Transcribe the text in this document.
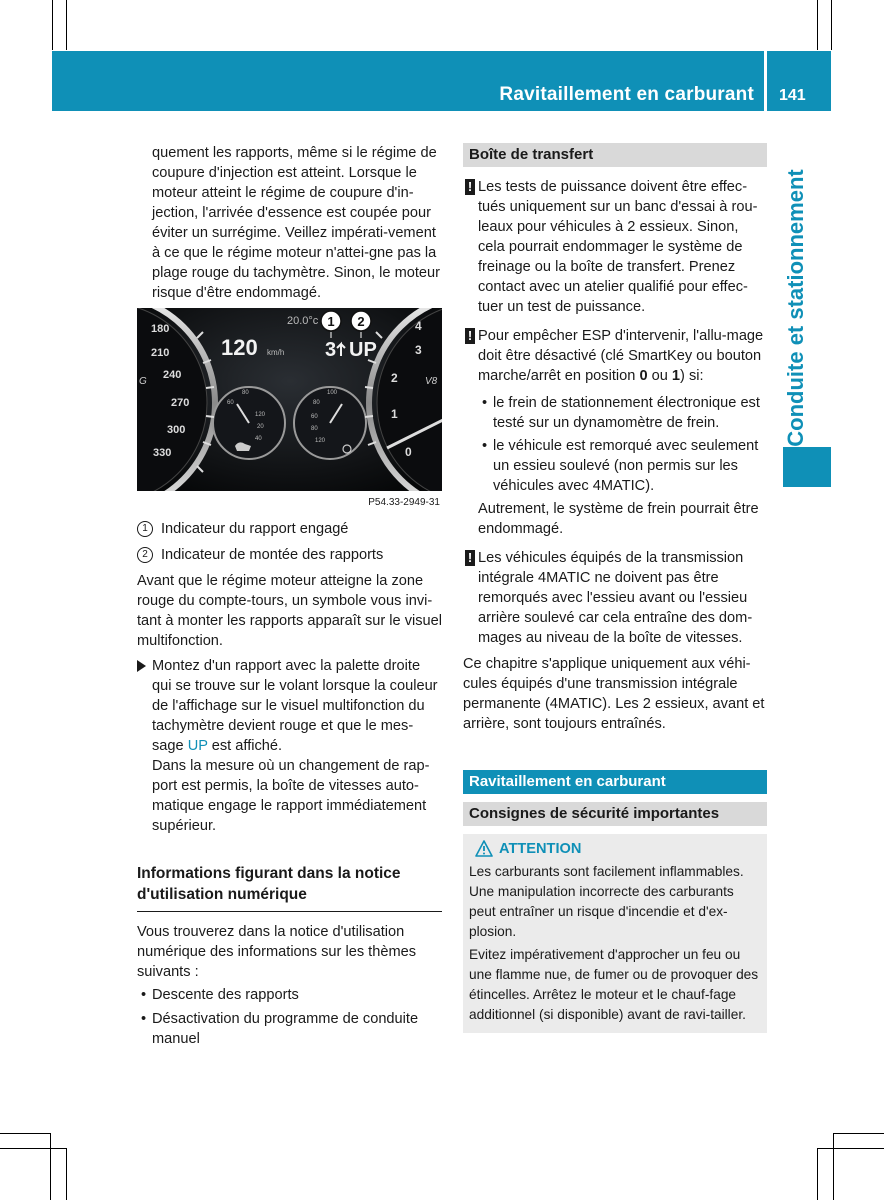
Ravitaillement en carburant 141
Conduite et stationnement

quement les rapports, même si le régime de coupure d'injection est atteint. Lorsque le moteur atteint le régime de coupure d'in-jection, l'arrivée d'essence est coupée pour éviter un surrégime. Veillez impérati-vement à ce que le régime moteur n'attei-gne pas la plage rouge du tachymètre. Sinon, le moteur risque d'être endommagé.

20.0°c
120 km/h 3 UP
1 2
180
210
240
270
300
330
G
4
3
2
1
0
V8
60
80
120
20
40
80
100
60
80
120
P54.33-2949-31

1 Indicateur du rapport engagé

2 Indicateur de montée des rapports

Avant que le régime moteur atteigne la zone rouge du compte-tours, un symbole vous invi-tant à monter les rapports apparaît sur le visuel multifonction.

Montez d'un rapport avec la palette droite qui se trouve sur le volant lorsque la couleur de l'affichage sur le visuel multifonction du tachymètre devient rouge et que le mes-sage UP est affiché.

Dans la mesure où un changement de rap-port est permis, la boîte de vitesses auto-matique engage le rapport immédiatement supérieur.

Informations figurant dans la notice d'utilisation numérique

Vous trouverez dans la notice d'utilisation numérique des informations sur les thèmes suivants :

• Descente des rapports

• Désactivation du programme de conduite manuel

Boîte de transfert

! Les tests de puissance doivent être effec-tués uniquement sur un banc d'essai à rou-leaux pour véhicules à 2 essieux. Sinon, cela pourrait endommager le système de freinage ou la boîte de transfert. Prenez contact avec un atelier qualifié pour effec-tuer un test de puissance.

! Pour empêcher ESP d'intervenir, l'allu-mage doit être désactivé (clé SmartKey ou bouton marche/arrêt en position 0 ou 1) si:

• le frein de stationnement électronique est testé sur un dynamomètre de frein.

• le véhicule est remorqué avec seulement un essieu soulevé (non permis sur les véhicules avec 4MATIC).

Autrement, le système de frein pourrait être endommagé.

! Les véhicules équipés de la transmission intégrale 4MATIC ne doivent pas être remorqués avec l'essieu avant ou l'essieu arrière soulevé car cela entraîne des dom-mages au niveau de la boîte de vitesses.

Ce chapitre s'applique uniquement aux véhi-cules équipés d'une transmission intégrale permanente (4MATIC). Les 2 essieux, avant et arrière, sont toujours entraînés.

Ravitaillement en carburant
Consignes de sécurité importantes
ATTENTION

Les carburants sont facilement inflammables. Une manipulation incorrecte des carburants peut entraîner un risque d'incendie et d'ex-plosion.

Evitez impérativement d'approcher un feu ou une flamme nue, de fumer ou de provoquer des étincelles. Arrêtez le moteur et le chauf-fage additionnel (si disponible) avant de ravi-tailler.
